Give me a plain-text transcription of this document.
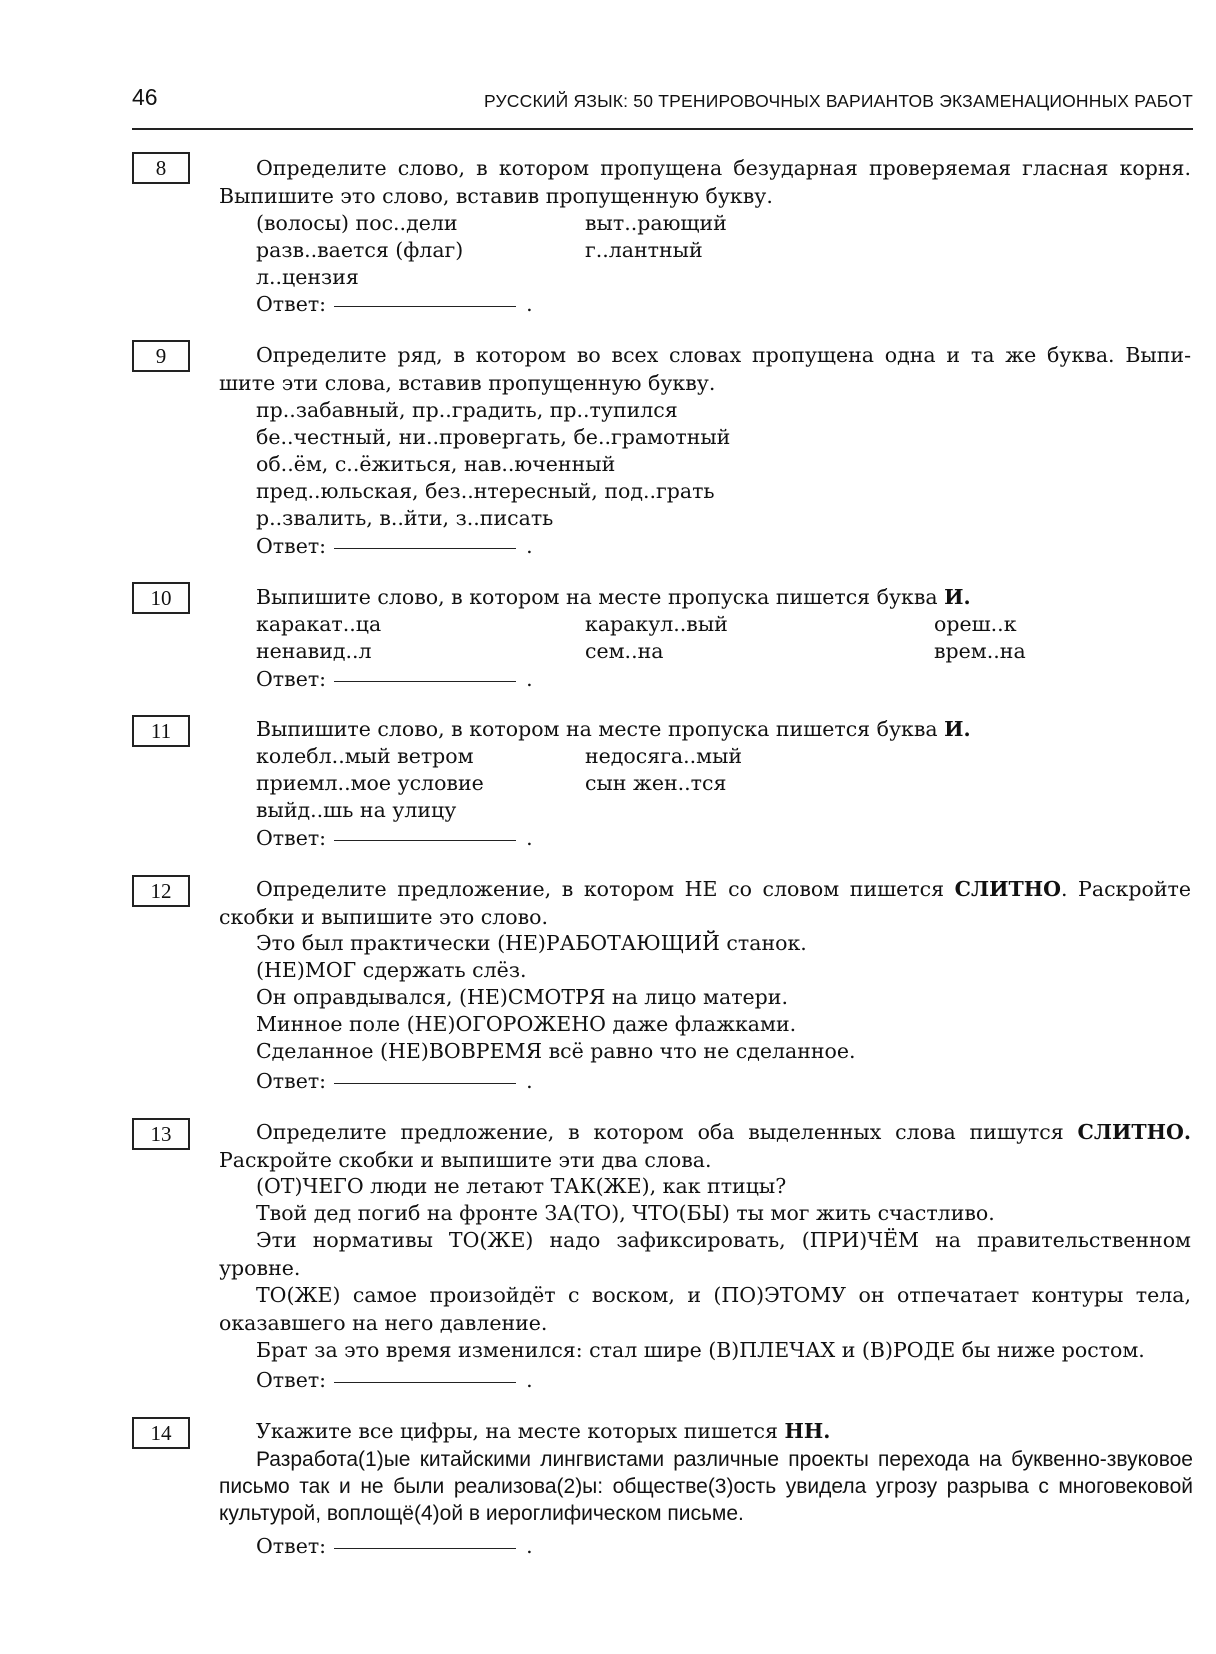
46	РУССКИЙ ЯЗЫК: 50 ТРЕНИРОВОЧНЫХ ВАРИАНТОВ ЭКЗАМЕНАЦИОННЫХ РАБОТ
8	Определите слово, в котором пропущена безударная проверяемая гласная корня. Выпишите это слово, вставив пропущенную букву.
(волосы) пос..дели	выт..рающий
разв..вается (флаг)	г..лантный
л..цензия
Ответ:	.
9	Определите ряд, в котором во всех словах пропущена одна и та же буква. Выпи- шите эти слова, вставив пропущенную букву.
пр..забавный, пр..градить, пр..тупился
бе..честный, ни..провергать, бе..грамотный
об..ём, с..ёжиться, нав..юченный
пред..юльская, без..нтересный, под..грать
р..звалить, в..йти, з..писать
Ответ:	.
10	Выпишите слово, в котором на месте пропуска пишется буква И.
каракат..ца	каракул..вый	ореш..к
ненавид..л	сем..на	врем..на
Ответ:	.
11	Выпишите слово, в котором на месте пропуска пишется буква И.
колебл..мый ветром	недосяга..мый
приемл..мое условие	сын жен..тся
выйд..шь на улицу
Ответ:	.
12	Определите предложение, в котором НЕ со словом пишется СЛИТНО. Раскройте скобки и выпишите это слово.
Это был практически (НЕ)РАБОТАЮЩИЙ станок.
(НЕ)МОГ сдержать слёз.
Он оправдывался, (НЕ)СМОТРЯ на лицо матери.
Минное поле (НЕ)ОГОРОЖЕНО даже флажками.
Сделанное (НЕ)ВОВРЕМЯ всё равно что не сделанное.
Ответ:	.
13	Определите предложение, в котором оба выделенных слова пишутся СЛИТНО. Раскройте скобки и выпишите эти два слова.
(ОТ)ЧЕГО люди не летают ТАК(ЖЕ), как птицы?
Твой дед погиб на фронте ЗА(ТО), ЧТО(БЫ) ты мог жить счастливо.
Эти нормативы ТО(ЖЕ) надо зафиксировать, (ПРИ)ЧЁМ на правительственном уровне.
ТО(ЖЕ) самое произойдёт с воском, и (ПО)ЭТОМУ он отпечатает контуры тела, оказавшего на него давление.
Брат за это время изменился: стал шире (В)ПЛЕЧАХ и (В)РОДЕ бы ниже ростом.
Ответ:	.
14	Укажите все цифры, на месте которых пишется НН.
Разработа(1)ые китайскими лингвистами различные проекты перехода на буквенно-звуковое письмо так и не были реализова(2)ы: обществе(3)ость увидела угрозу разрыва с многовековой культурой, воплощё(4)ой в иероглифическом письме.
Ответ:	.
